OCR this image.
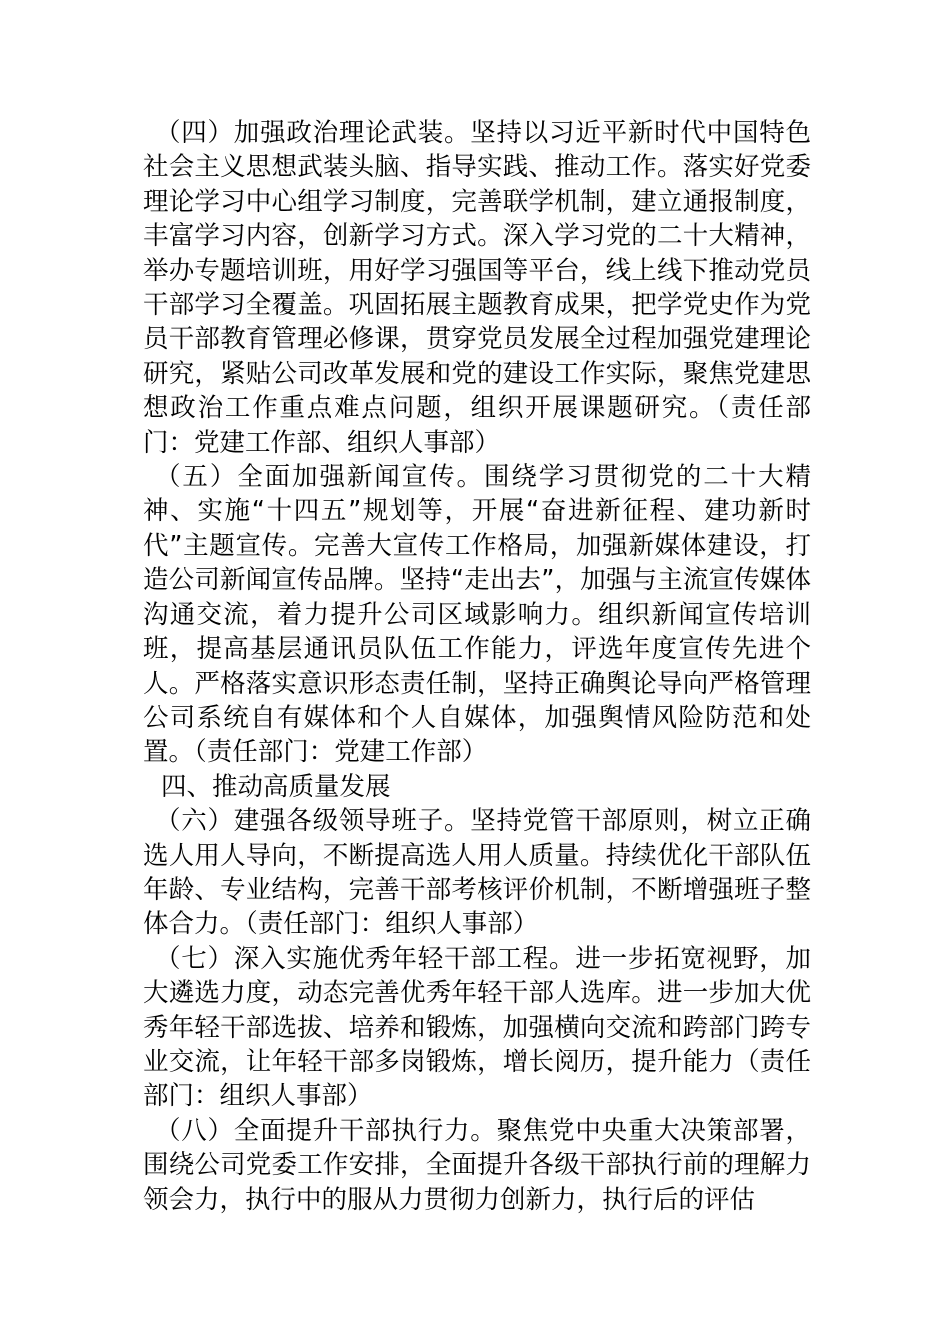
（四）加强政治理论武装。坚持以习近平新时代中国特色社会主义思想武装头脑、指导实践、推动工作。落实好党委理论学习中心组学习制度，完善联学机制，建立通报制度，丰富学习内容，创新学习方式。深入学习党的二十大精神，举办专题培训班，用好学习强国等平台，线上线下推动党员干部学习全覆盖。巩固拓展主题教育成果，把学党史作为党员干部教育管理必修课，贯穿党员发展全过程加强党建理论研究，紧贴公司改革发展和党的建设工作实际，聚焦党建思想政治工作重点难点问题，组织开展课题研究。（责任部门：党建工作部、组织人事部）

（五）全面加强新闻宣传。围绕学习贯彻党的二十大精神、实施“十四五”规划等，开展“奋进新征程、建功新时代”主题宣传。完善大宣传工作格局，加强新媒体建设，打造公司新闻宣传品牌。坚持“走出去”，加强与主流宣传媒体沟通交流，着力提升公司区域影响力。组织新闻宣传培训班，提高基层通讯员队伍工作能力，评选年度宣传先进个人。严格落实意识形态责任制，坚持正确舆论导向严格管理公司系统自有媒体和个人自媒体，加强舆情风险防范和处置。（责任部门：党建工作部）

四、推动高质量发展

（六）建强各级领导班子。坚持党管干部原则，树立正确选人用人导向，不断提高选人用人质量。持续优化干部队伍年龄、专业结构，完善干部考核评价机制，不断增强班子整体合力。（责任部门：组织人事部）

（七）深入实施优秀年轻干部工程。进一步拓宽视野，加大遴选力度，动态完善优秀年轻干部人选库。进一步加大优秀年轻干部选拔、培养和锻炼，加强横向交流和跨部门跨专业交流，让年轻干部多岗锻炼，增长阅历，提升能力（责任部门：组织人事部）

（八）全面提升干部执行力。聚焦党中央重大决策部署，围绕公司党委工作安排，全面提升各级干部执行前的理解力领会力，执行中的服从力贯彻力创新力，执行后的评估
